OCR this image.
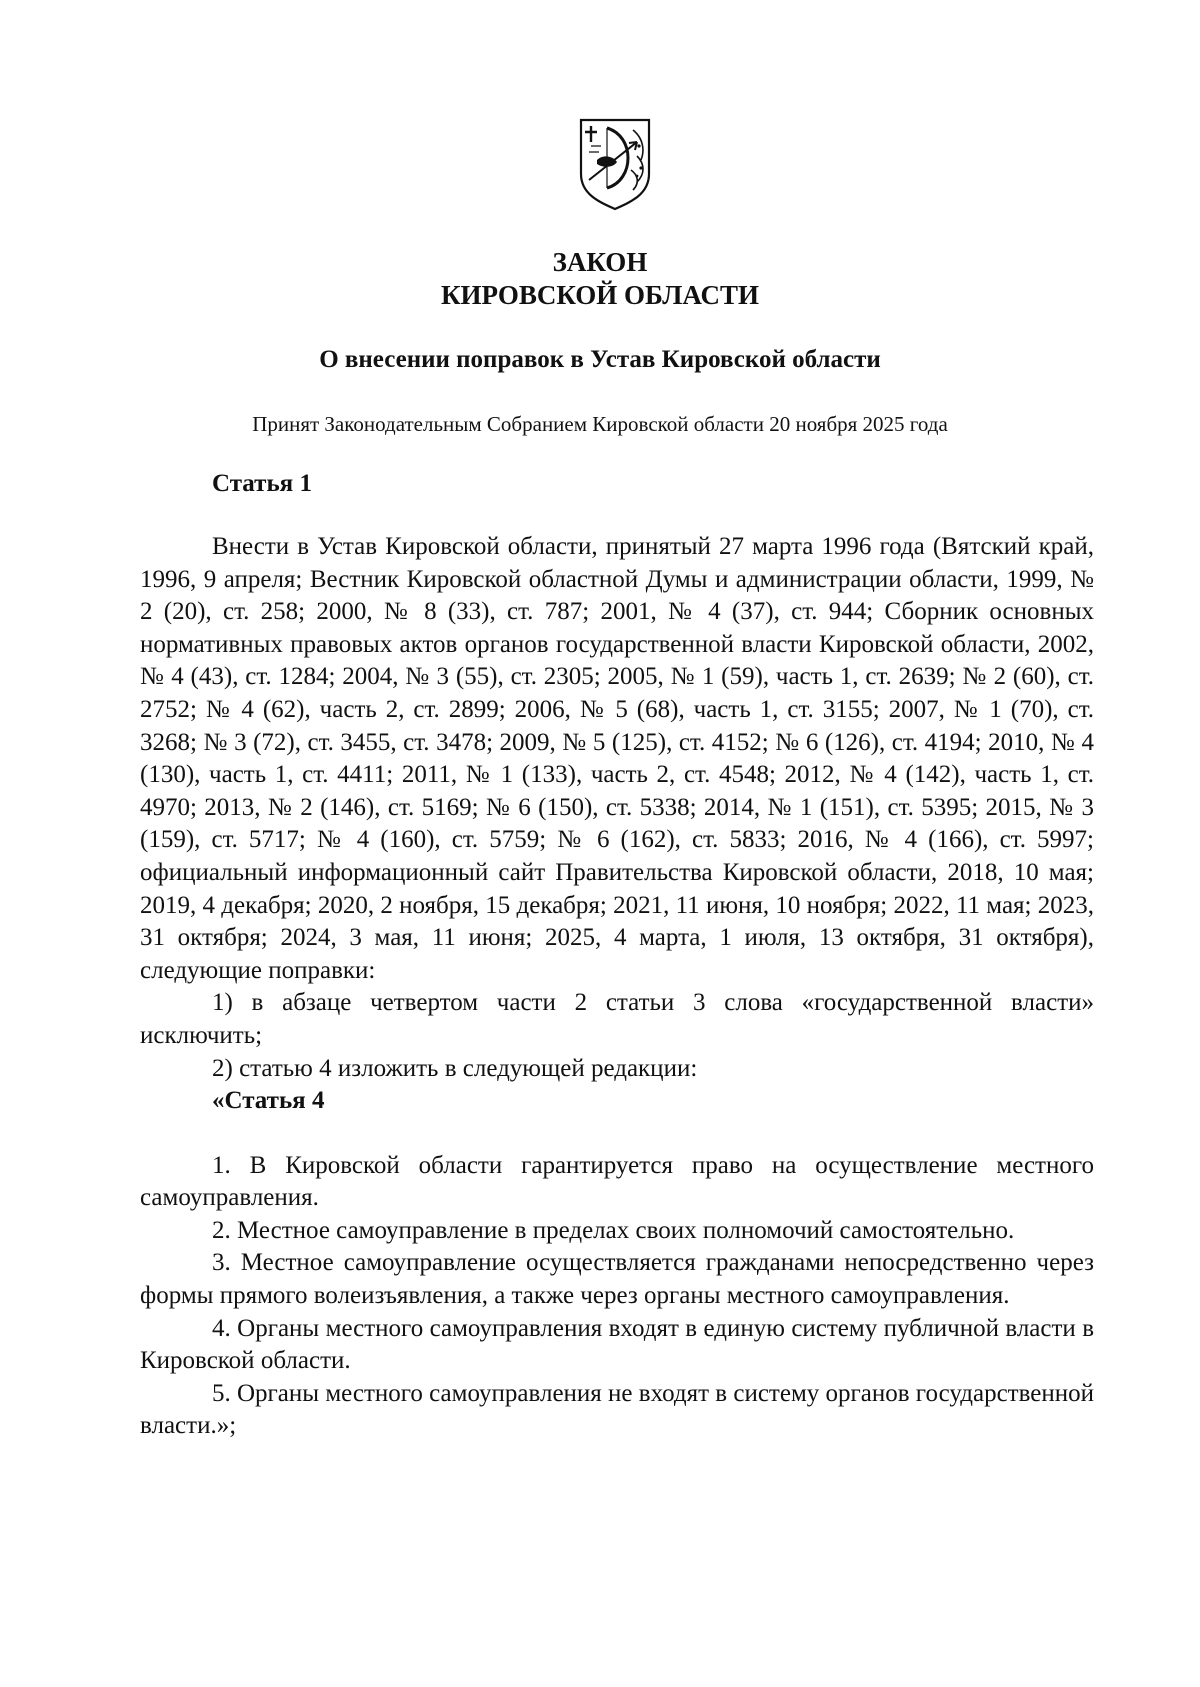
ЗАКОН
КИРОВСКОЙ ОБЛАСТИ
О внесении поправок в Устав Кировской области
Принят Законодательным Собранием Кировской области 20 ноября 2025 года
Статья 1

Внести в Устав Кировской области, принятый 27 марта 1996 года (Вятский край, 1996, 9 апреля; Вестник Кировской областной Думы и администрации области, 1999, № 2 (20), ст. 258; 2000, № 8 (33), ст. 787; 2001, № 4 (37), ст. 944; Сборник основных нормативных правовых актов органов государственной власти Кировской области, 2002, № 4 (43), ст. 1284; 2004, № 3 (55), ст. 2305; 2005, № 1 (59), часть 1, ст. 2639; № 2 (60), ст. 2752; № 4 (62), часть 2, ст. 2899; 2006, № 5 (68), часть 1, ст. 3155; 2007, № 1 (70), ст. 3268; № 3 (72), ст. 3455, ст. 3478; 2009, № 5 (125), ст. 4152; № 6 (126), ст. 4194; 2010, № 4 (130), часть 1, ст. 4411; 2011, № 1 (133), часть 2, ст. 4548; 2012, № 4 (142), часть 1, ст. 4970; 2013, № 2 (146), ст. 5169; № 6 (150), ст. 5338; 2014, № 1 (151), ст. 5395; 2015, № 3 (159), ст. 5717; № 4 (160), ст. 5759; № 6 (162), ст. 5833; 2016, № 4 (166), ст. 5997; официальный информационный сайт Правительства Кировской области, 2018, 10 мая; 2019, 4 декабря; 2020, 2 ноября, 15 декабря; 2021, 11 июня, 10 ноября; 2022, 11 мая; 2023, 31 октября; 2024, 3 мая, 11 июня; 2025, 4 марта, 1 июля, 13 октября, 31 октября), следующие поправки:

1) в абзаце четвертом части 2 статьи 3 слова «государственной власти» исключить;

2) статью 4 изложить в следующей редакции:

«Статья 4

1. В Кировской области гарантируется право на осуществление местного самоуправления.

2. Местное самоуправление в пределах своих полномочий самостоятельно.

3. Местное самоуправление осуществляется гражданами непосредственно через формы прямого волеизъявления, а также через органы местного самоуправления.

4. Органы местного самоуправления входят в единую систему публичной власти в Кировской области.

5. Органы местного самоуправления не входят в систему органов государственной власти.»;
